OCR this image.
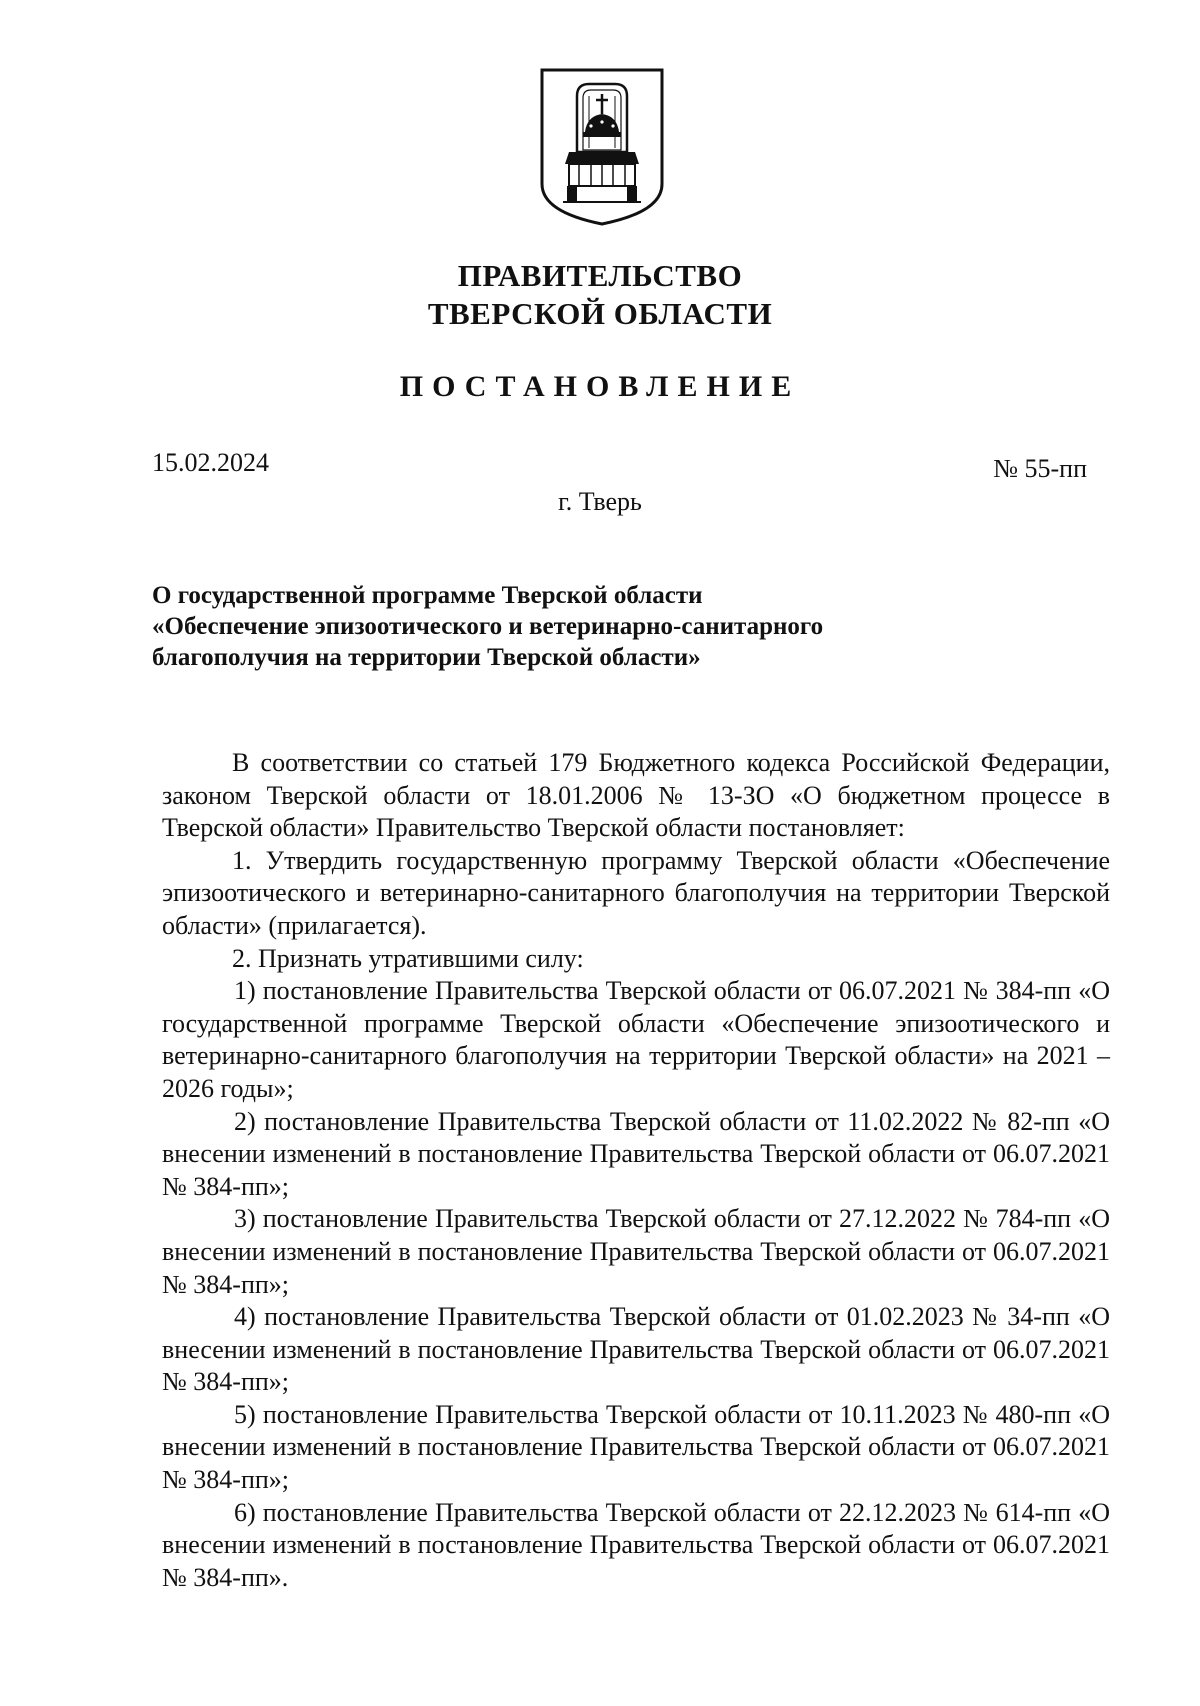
ПРАВИТЕЛЬСТВО
ТВЕРСКОЙ ОБЛАСТИ
ПОСТАНОВЛЕНИЕ
15.02.2024	№ 55-пп
г. Тверь
О государственной программе Тверской области
«Обеспечение эпизоотического и ветеринарно-санитарного
благополучия на территории Тверской области»

В соответствии со статьей 179 Бюджетного кодекса Российской Федерации, законом Тверской области от 18.01.2006 № 13-ЗО «О бюджетном процессе в Тверской области» Правительство Тверской области постановляет:

1. Утвердить государственную программу Тверской области «Обеспечение эпизоотического и ветеринарно-санитарного благополучия на территории Тверской области» (прилагается).

2. Признать утратившими силу:

1) постановление Правительства Тверской области от 06.07.2021 № 384-пп «О государственной программе Тверской области «Обеспечение эпизоотического и ветеринарно-санитарного благополучия на территории Тверской области» на 2021 – 2026 годы»;

2) постановление Правительства Тверской области от 11.02.2022 № 82-пп «О внесении изменений в постановление Правительства Тверской области от 06.07.2021 № 384-пп»;

3) постановление Правительства Тверской области от 27.12.2022 № 784-пп «О внесении изменений в постановление Правительства Тверской области от 06.07.2021 № 384-пп»;

4) постановление Правительства Тверской области от 01.02.2023 № 34-пп «О внесении изменений в постановление Правительства Тверской области от 06.07.2021 № 384-пп»;

5) постановление Правительства Тверской области от 10.11.2023 № 480-пп «О внесении изменений в постановление Правительства Тверской области от 06.07.2021 № 384-пп»;

6) постановление Правительства Тверской области от 22.12.2023 № 614-пп «О внесении изменений в постановление Правительства Тверской области от 06.07.2021 № 384-пп».
